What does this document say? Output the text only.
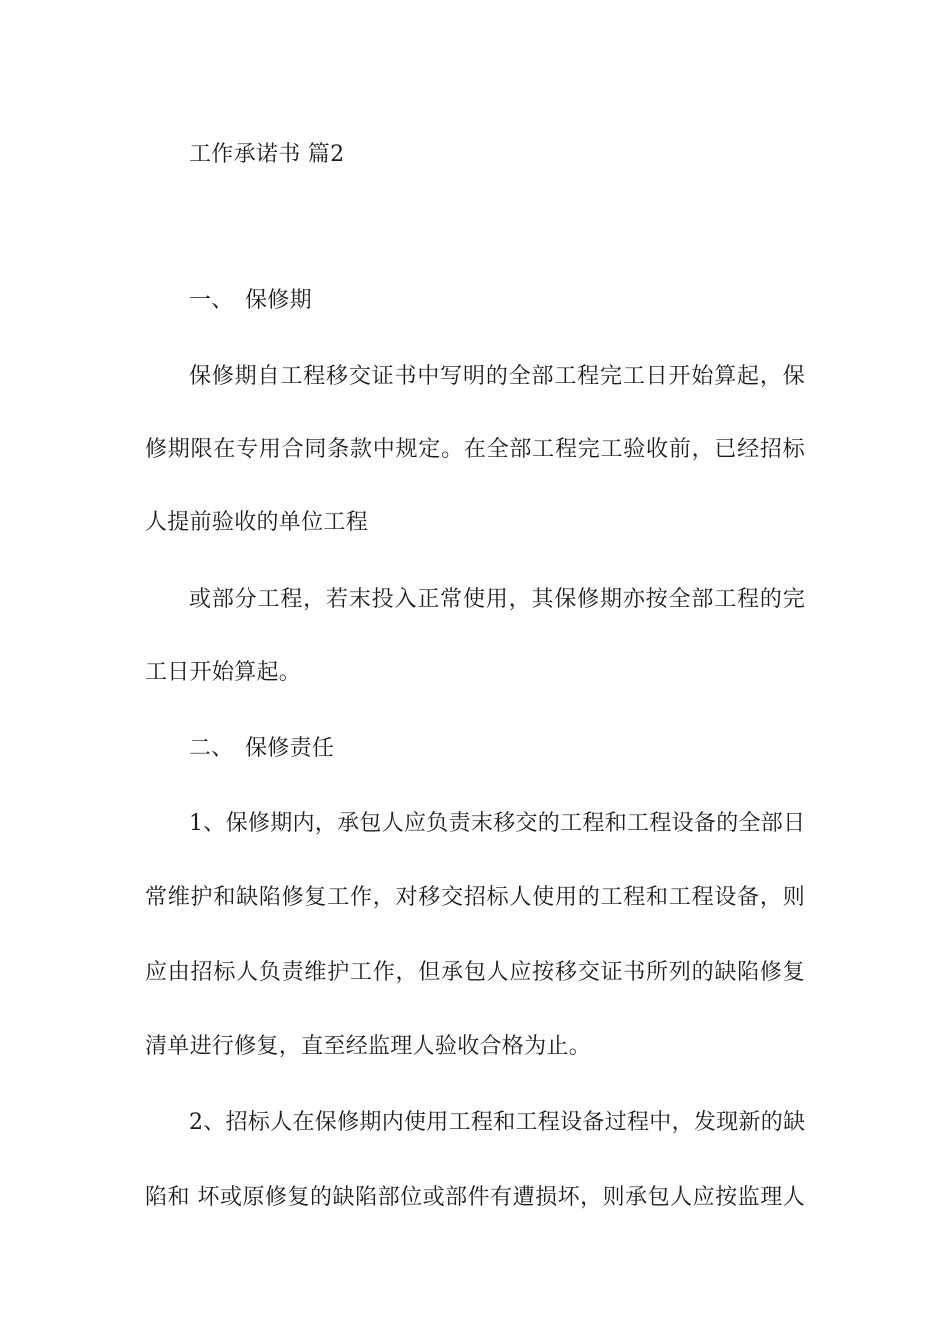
工作承诺书 篇2
一、 保修期
保修期自工程移交证书中写明的全部工程完工日开始算起，保
修期限在专用合同条款中规定。在全部工程完工验收前，已经招标
人提前验收的单位工程
或部分工程，若末投入正常使用，其保修期亦按全部工程的完
工日开始算起。
二、 保修责任
1、保修期内，承包人应负责末移交的工程和工程设备的全部日
常维护和缺陷修复工作，对移交招标人使用的工程和工程设备，则
应由招标人负责维护工作，但承包人应按移交证书所列的缺陷修复
清单进行修复，直至经监理人验收合格为止。
2、招标人在保修期内使用工程和工程设备过程中，发现新的缺
陷和 坏或原修复的缺陷部位或部件有遭损坏，则承包人应按监理人
